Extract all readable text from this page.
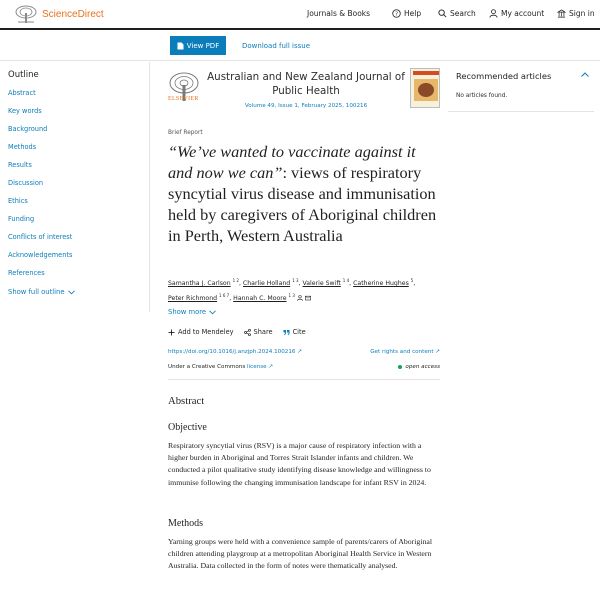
ScienceDirect	Journals & Books	? Help	Search	My account	Sign in
View PDF	Download full issue
Outline
Abstract
Key words
Background
Methods
Results
Discussion
Ethics
Funding
Conflicts of interest
Acknowledgements
References
Show full outline
Recommended articles
No articles found.
ELSEVIER
Australian and New Zealand Journal of Public Health
Volume 49, Issue 1, February 2025, 100216
Brief Report
“We’ve wanted to vaccinate against it and now we can”: views of respiratory syncytial virus disease and immunisation held by caregivers of Aboriginal children in Perth, Western Australia
Samantha J. Carlson $^{1 2}$, Charlie Holland $^{1 3}$, Valerie Swift $^{1 4}$, Catherine Hughes $^5$,
Peter Richmond $^{1 6 7}$, Hannah C. Moore $^{1 3}$
Show more
Add to Mendeley	Share	Cite
https://doi.org/10.1016/j.anzjph.2024.100216 ↗	Get rights and content ↗
Under a Creative Commons license ↗	open access
Abstract
Objective
Respiratory syncytial virus (RSV) is a major cause of respiratory infection with a higher burden in Aboriginal and Torres Strait Islander infants and children. We conducted a pilot qualitative study identifying disease knowledge and willingness to immunise following the changing immunisation landscape for infant RSV in 2024.
Methods
Yarning groups were held with a convenience sample of parents/carers of Aboriginal children attending playgroup at a metropolitan Aboriginal Health Service in Western Australia. Data collected in the form of notes were thematically analysed.
